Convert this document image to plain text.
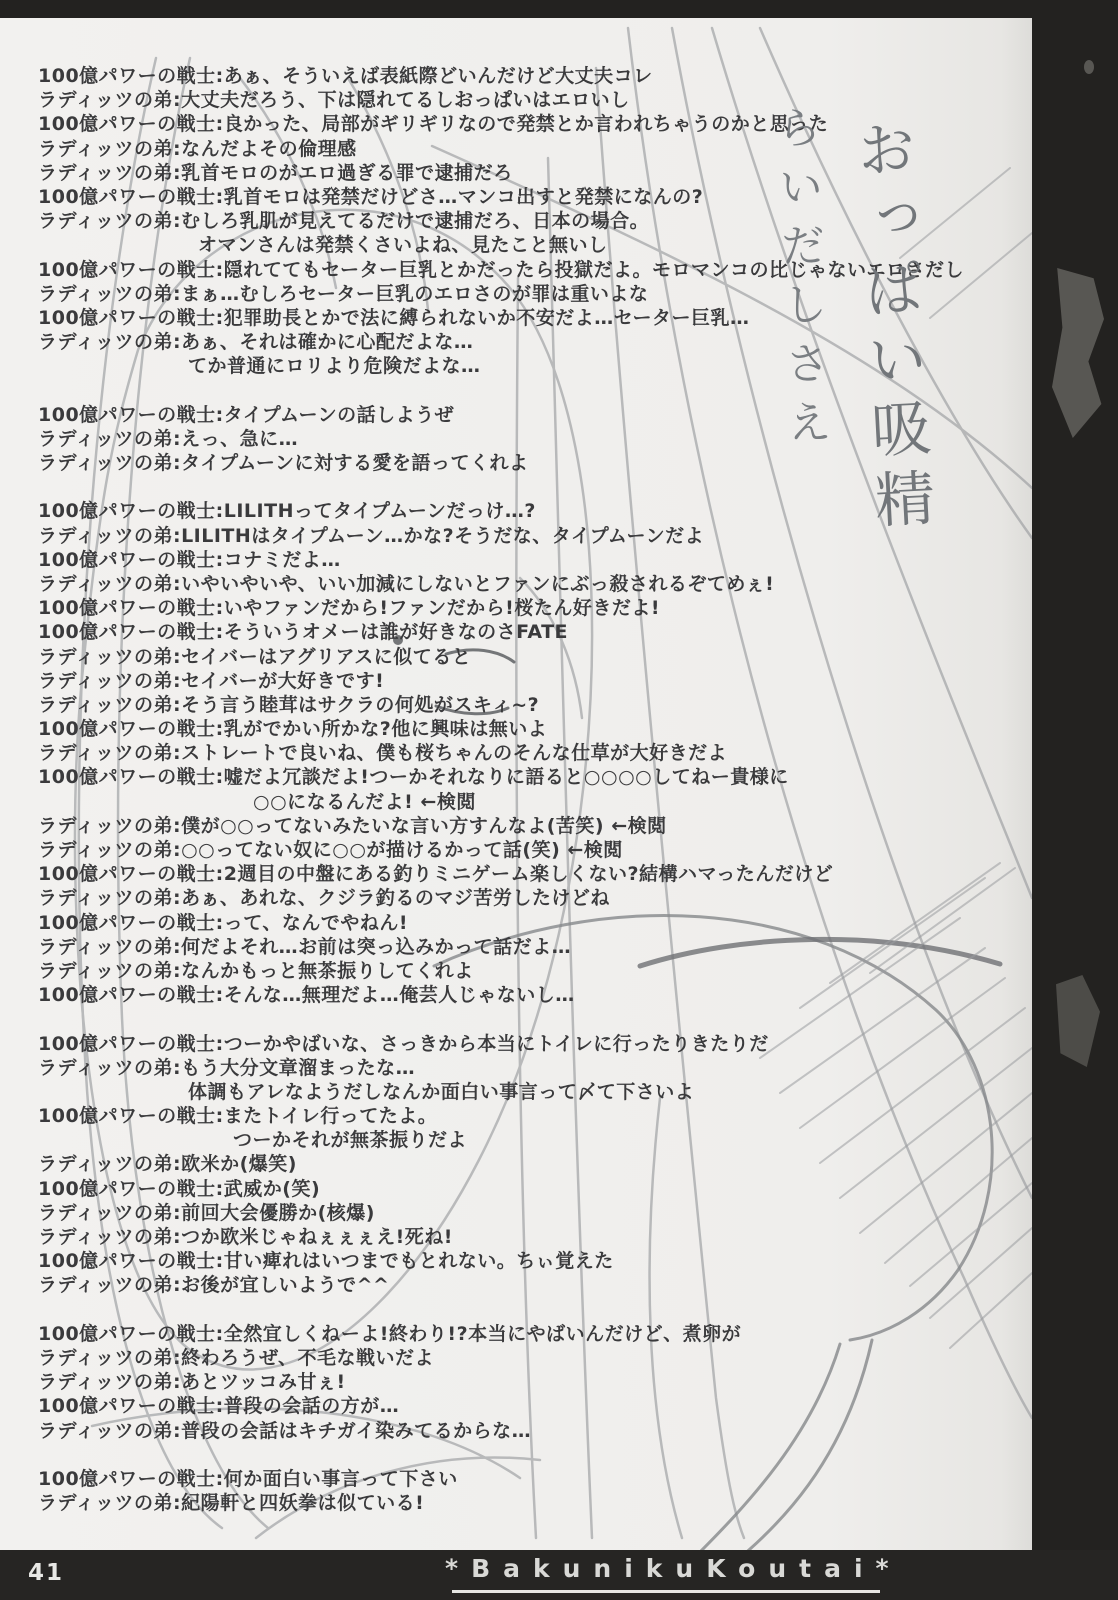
100億パワーの戦士:あぁ、そういえば表紙際どいんだけど大丈夫コレ
ラディッツの弟:大丈夫だろう、下は隠れてるしおっぱいはエロいし
100億パワーの戦士:良かった、局部がギリギリなので発禁とか言われちゃうのかと思った
ラディッツの弟:なんだよその倫理感
ラディッツの弟:乳首モロのがエロ過ぎる罪で逮捕だろ
100億パワーの戦士:乳首モロは発禁だけどさ…マンコ出すと発禁になんの?
ラディッツの弟:むしろ乳肌が見えてるだけで逮捕だろ、日本の場合。
オマンさんは発禁くさいよね、見たこと無いし
100億パワーの戦士:隠れててもセーター巨乳とかだったら投獄だよ。モロマンコの比じゃないエロさだし
ラディッツの弟:まぁ…むしろセーター巨乳のエロさのが罪は重いよな
100億パワーの戦士:犯罪助長とかで法に縛られないか不安だよ…セーター巨乳…
ラディッツの弟:あぁ、それは確かに心配だよな…
てか普通にロリより危険だよな…

100億パワーの戦士:タイプムーンの話しようぜ
ラディッツの弟:えっ、急に…
ラディッツの弟:タイプムーンに対する愛を語ってくれよ

100億パワーの戦士:LILITHってタイプムーンだっけ…?
ラディッツの弟:LILITHはタイプムーン…かな?そうだな、タイプムーンだよ
100億パワーの戦士:コナミだよ…
ラディッツの弟:いやいやいや、いい加減にしないとファンにぶっ殺されるぞてめぇ!
100億パワーの戦士:いやファンだから!ファンだから!桜たん好きだよ!
100億パワーの戦士:そういうオメーは誰が好きなのさFATE
ラディッツの弟:セイバーはアグリアスに似てると
ラディッツの弟:セイバーが大好きです!
ラディッツの弟:そう言う睦茸はサクラの何処がスキィ~?
100億パワーの戦士:乳がでかい所かな?他に興味は無いよ
ラディッツの弟:ストレートで良いね、僕も桜ちゃんのそんな仕草が大好きだよ
100億パワーの戦士:嘘だよ冗談だよ!つーかそれなりに語ると○○○○してねー貴様に
○○になるんだよ! ←検閲
ラディッツの弟:僕が○○ってないみたいな言い方すんなよ(苦笑) ←検閲
ラディッツの弟:○○ってない奴に○○が描けるかって話(笑) ←検閲
100億パワーの戦士:2週目の中盤にある釣りミニゲーム楽しくない?結構ハマったんだけど
ラディッツの弟:あぁ、あれな、クジラ釣るのマジ苦労したけどね
100億パワーの戦士:って、なんでやねん!
ラディッツの弟:何だよそれ…お前は突っ込みかって話だよ…
ラディッツの弟:なんかもっと無茶振りしてくれよ
100億パワーの戦士:そんな…無理だよ…俺芸人じゃないし…

100億パワーの戦士:つーかやばいな、さっきから本当にトイレに行ったりきたりだ
ラディッツの弟:もう大分文章溜まったな…
体調もアレなようだしなんか面白い事言って〆て下さいよ
100億パワーの戦士:またトイレ行ってたよ。
つーかそれが無茶振りだよ
ラディッツの弟:欧米か(爆笑)
100億パワーの戦士:武威か(笑)
ラディッツの弟:前回大会優勝か(核爆)
ラディッツの弟:つか欧米じゃねぇぇぇえ!死ね!
100億パワーの戦士:甘い痺れはいつまでもとれない。ちぃ覚えた
ラディッツの弟:お後が宜しいようで^^

100億パワーの戦士:全然宜しくねーよ!終わり!?本当にやばいんだけど、煮卵が
ラディッツの弟:終わろうぜ、不毛な戦いだよ
ラディッツの弟:あとツッコみ甘ぇ!
100億パワーの戦士:普段の会話の方が…
ラディッツの弟:普段の会話はキチガイ染みてるからな…

100億パワーの戦士:何か面白い事言って下さい
ラディッツの弟:紀陽軒と四妖拳は似ている!
おっぱい吸精
らいだしさえ
41	*BakunikuKoutai*
